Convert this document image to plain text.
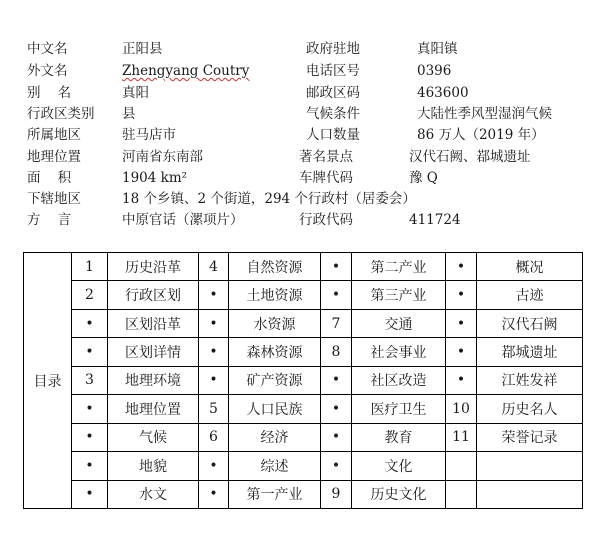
中文名	正阳县	政府驻地	真阳镇
外文名	Zhengyang Coutry	电话区号	0396
别    名	真阳	邮政区码	463600
行政区类别 县	气候条件	大陆性季风型湿润气候
所属地区	驻马店市	人口数量	86 万人（2019 年）
地理位置	河南省东南部	著名景点	汉代石阙、鄀城遗址
面    积	1904 km²	车牌代码	豫 Q
下辖地区	18 个乡镇、2 个街道，294 个行政村（居委会）
方    言	中原官话（漯项片）	行政代码	411724
目录	1	历史沿革	4	自然资源	•	第二产业	•	概况
	2	行政区划	•	土地资源	•	第三产业	•	古迹
	•	区划沿革	•	水资源	7	交通	•	汉代石阙
	•	区划详情	•	森林资源	8	社会事业	•	鄀城遗址
	3	地理环境	•	矿产资源	•	社区改造	•	江姓发祥
	•	地理位置	5	人口民族	•	医疗卫生	10	历史名人
	•	气候	6	经济	•	教育	11	荣誉记录
	•	地貌	•	综述	•	文化		
	•	水文	•	第一产业	9	历史文化		
